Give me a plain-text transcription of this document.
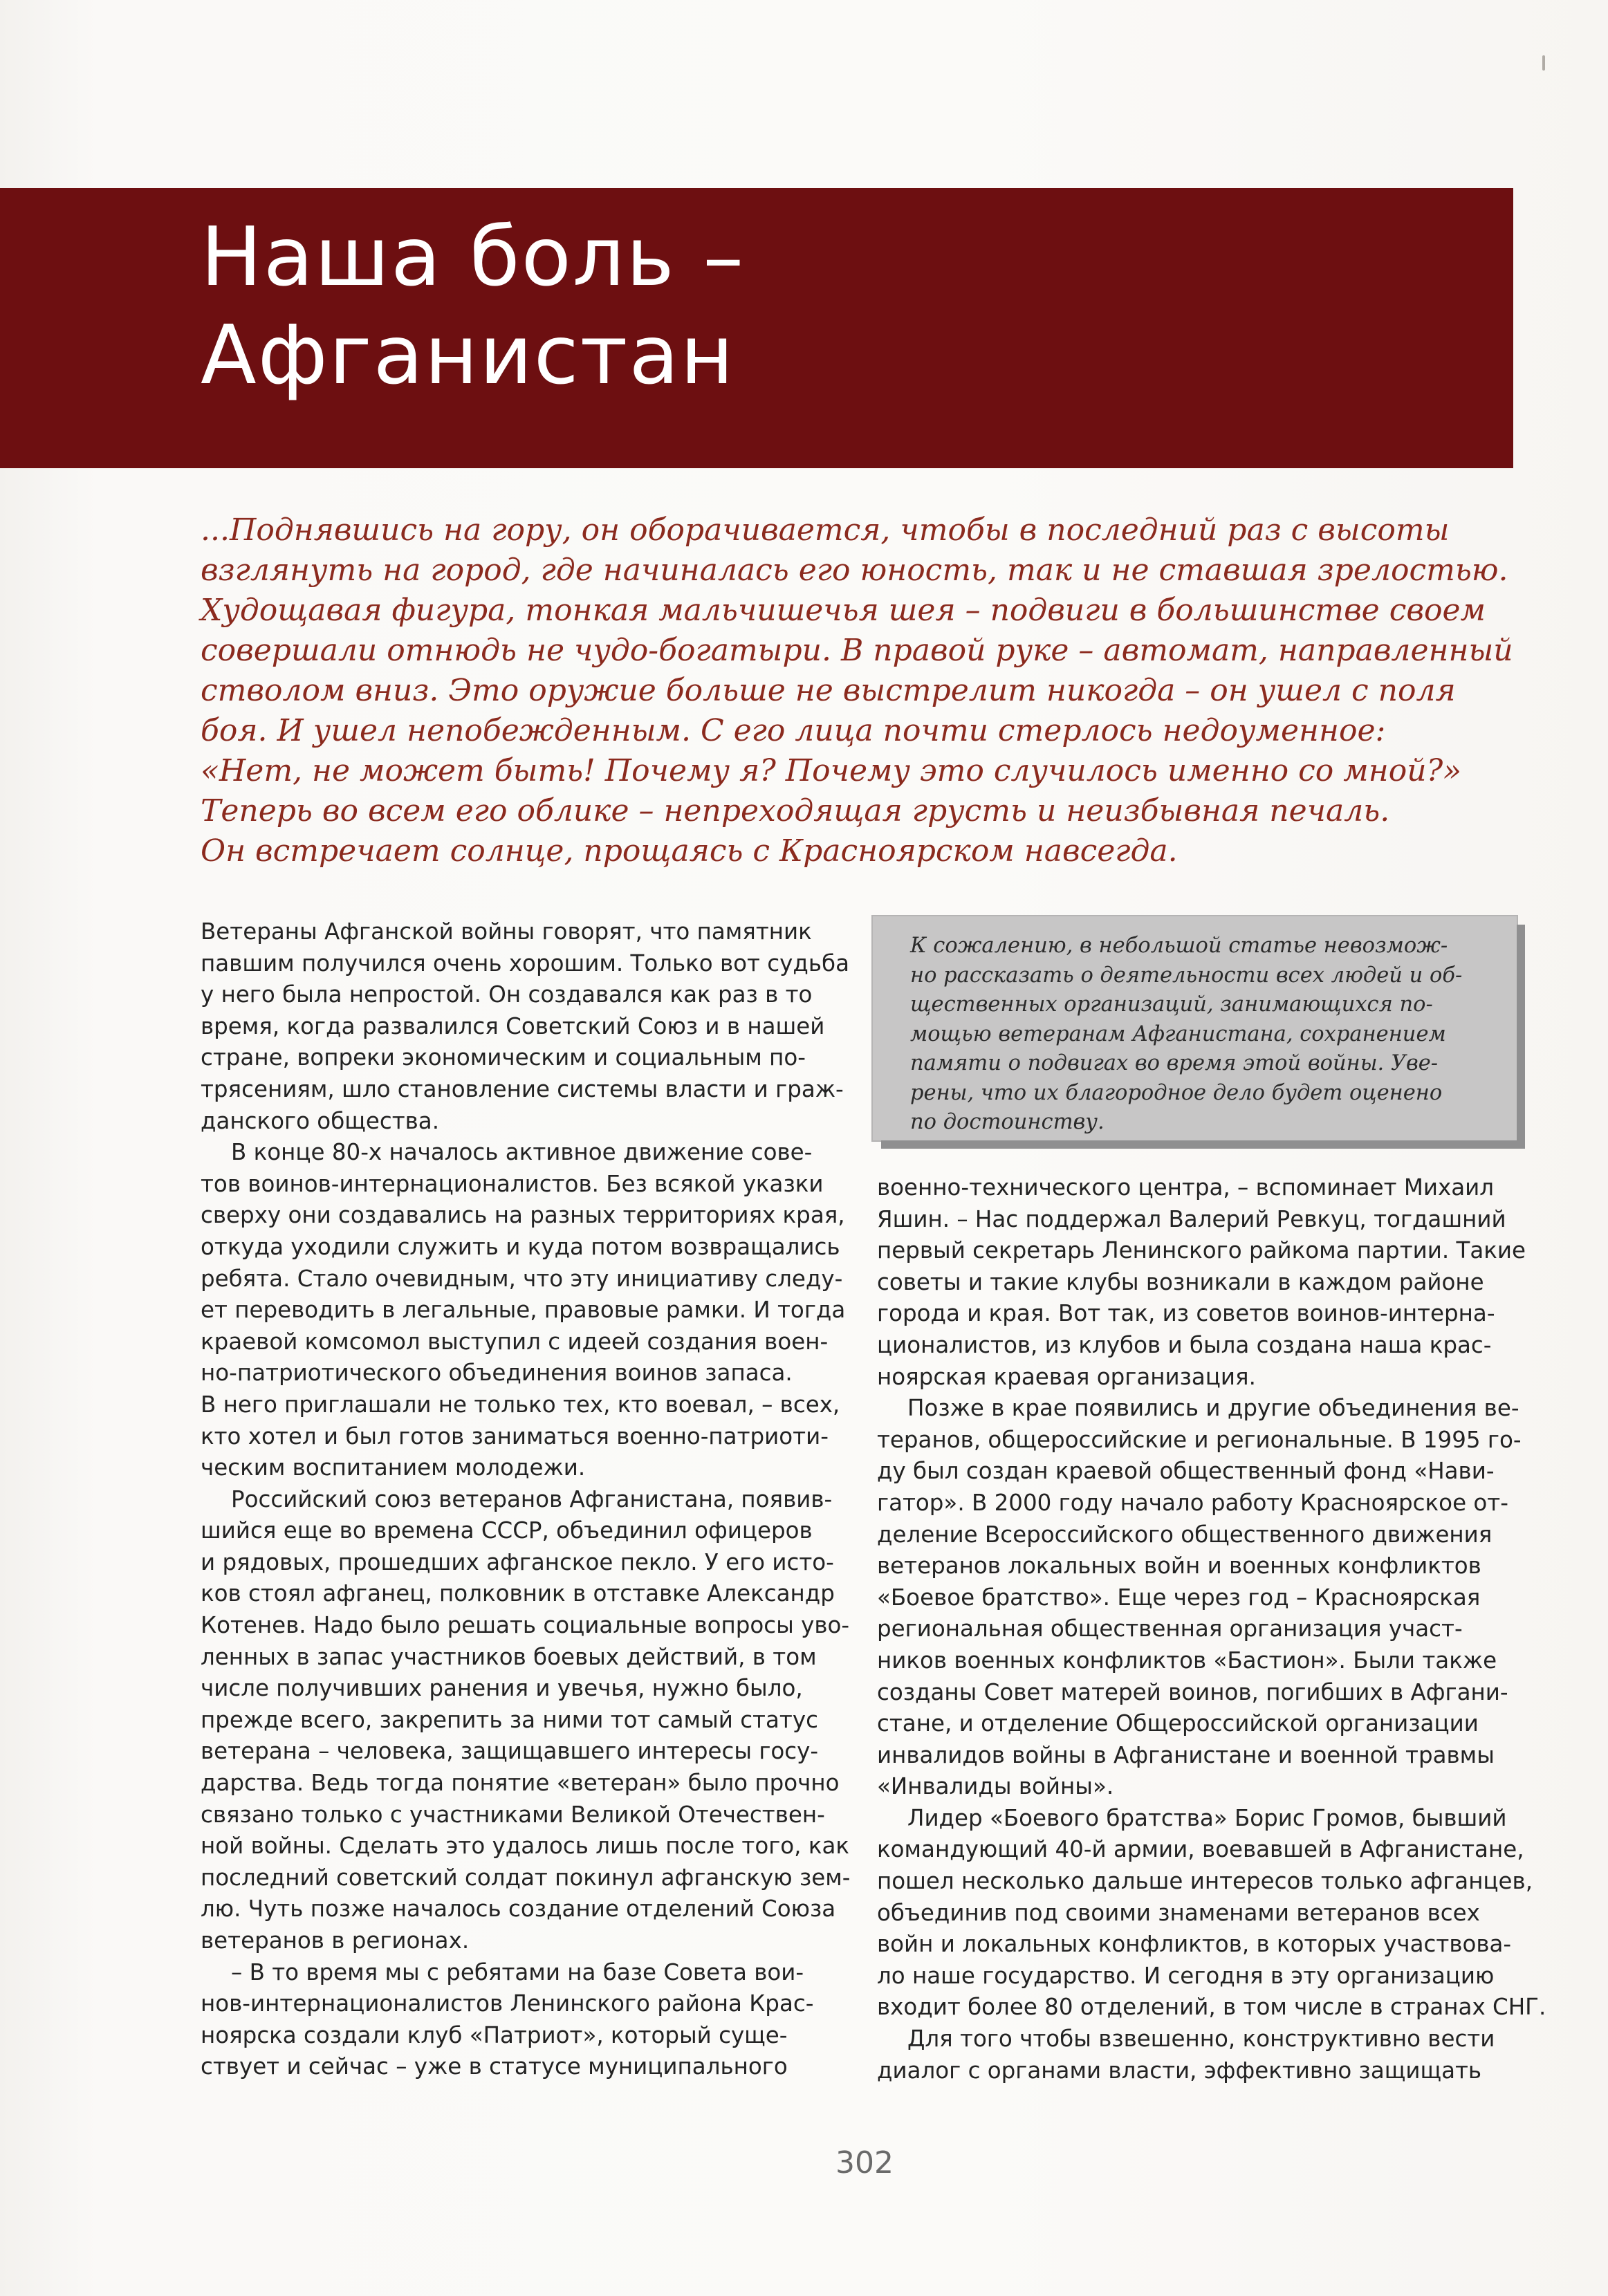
Наша боль –
Афганистан
...Поднявшись на гору, он оборачивается, чтобы в последний раз с высоты
взглянуть на город, где начиналась его юность, так и не ставшая зрелостью.
Худощавая фигура, тонкая мальчишечья шея – подвиги в большинстве своем
совершали отнюдь не чудо-богатыри. В правой руке – автомат, направленный
стволом вниз. Это оружие больше не выстрелит никогда – он ушел с поля
боя. И ушел непобежденным. С его лица почти стерлось недоуменное:
«Нет, не может быть! Почему я? Почему это случилось именно со мной?»
Теперь во всем его облике – непреходящая грусть и неизбывная печаль.
Он встречает солнце, прощаясь с Красноярском навсегда.
Ветераны Афганской войны говорят, что памятник
павшим получился очень хорошим. Только вот судьба
у него была непростой. Он создавался как раз в то
время, когда развалился Советский Союз и в нашей
стране, вопреки экономическим и социальным по-
трясениям, шло становление системы власти и граж-
данского общества.
В конце 80-х началось активное движение сове-
тов воинов-интернационалистов. Без всякой указки
сверху они создавались на разных территориях края,
откуда уходили служить и куда потом возвращались
ребята. Стало очевидным, что эту инициативу следу-
ет переводить в легальные, правовые рамки. И тогда
краевой комсомол выступил с идеей создания воен-
но-патриотического объединения воинов запаса.
В него приглашали не только тех, кто воевал, – всех,
кто хотел и был готов заниматься военно-патриоти-
ческим воспитанием молодежи.
Российский союз ветеранов Афганистана, появив-
шийся еще во времена СССР, объединил офицеров
и рядовых, прошедших афганское пекло. У его исто-
ков стоял афганец, полковник в отставке Александр
Котенев. Надо было решать социальные вопросы уво-
ленных в запас участников боевых действий, в том
числе получивших ранения и увечья, нужно было,
прежде всего, закрепить за ними тот самый статус
ветерана – человека, защищавшего интересы госу-
дарства. Ведь тогда понятие «ветеран» было прочно
связано только с участниками Великой Отечествен-
ной войны. Сделать это удалось лишь после того, как
последний советский солдат покинул афганскую зем-
лю. Чуть позже началось создание отделений Союза
ветеранов в регионах.
– В то время мы с ребятами на базе Совета вои-
нов-интернационалистов Ленинского района Крас-
ноярска создали клуб «Патриот», который суще-
ствует и сейчас – уже в статусе муниципального
К сожалению, в небольшой статье невозмож-
но рассказать о деятельности всех людей и об-
щественных организаций, занимающихся по-
мощью ветеранам Афганистана, сохранением
памяти о подвигах во время этой войны. Уве-
рены, что их благородное дело будет оценено
по достоинству.
военно-технического центра, – вспоминает Михаил
Яшин. – Нас поддержал Валерий Ревкуц, тогдашний
первый секретарь Ленинского райкома партии. Такие
советы и такие клубы возникали в каждом районе
города и края. Вот так, из советов воинов-интерна-
ционалистов, из клубов и была создана наша крас-
ноярская краевая организация.
Позже в крае появились и другие объединения ве-
теранов, общероссийские и региональные. В 1995 го-
ду был создан краевой общественный фонд «Нави-
гатор». В 2000 году начало работу Красноярское от-
деление Всероссийского общественного движения
ветеранов локальных войн и военных конфликтов
«Боевое братство». Еще через год – Красноярская
региональная общественная организация участ-
ников военных конфликтов «Бастион». Были также
созданы Совет матерей воинов, погибших в Афгани-
стане, и отделение Общероссийской организации
инвалидов войны в Афганистане и военной травмы
«Инвалиды войны».
Лидер «Боевого братства» Борис Громов, бывший
командующий 40-й армии, воевавшей в Афганистане,
пошел несколько дальше интересов только афганцев,
объединив под своими знаменами ветеранов всех
войн и локальных конфликтов, в которых участвова-
ло наше государство. И сегодня в эту организацию
входит более 80 отделений, в том числе в странах СНГ.
Для того чтобы взвешенно, конструктивно вести
диалог с органами власти, эффективно защищать
302
